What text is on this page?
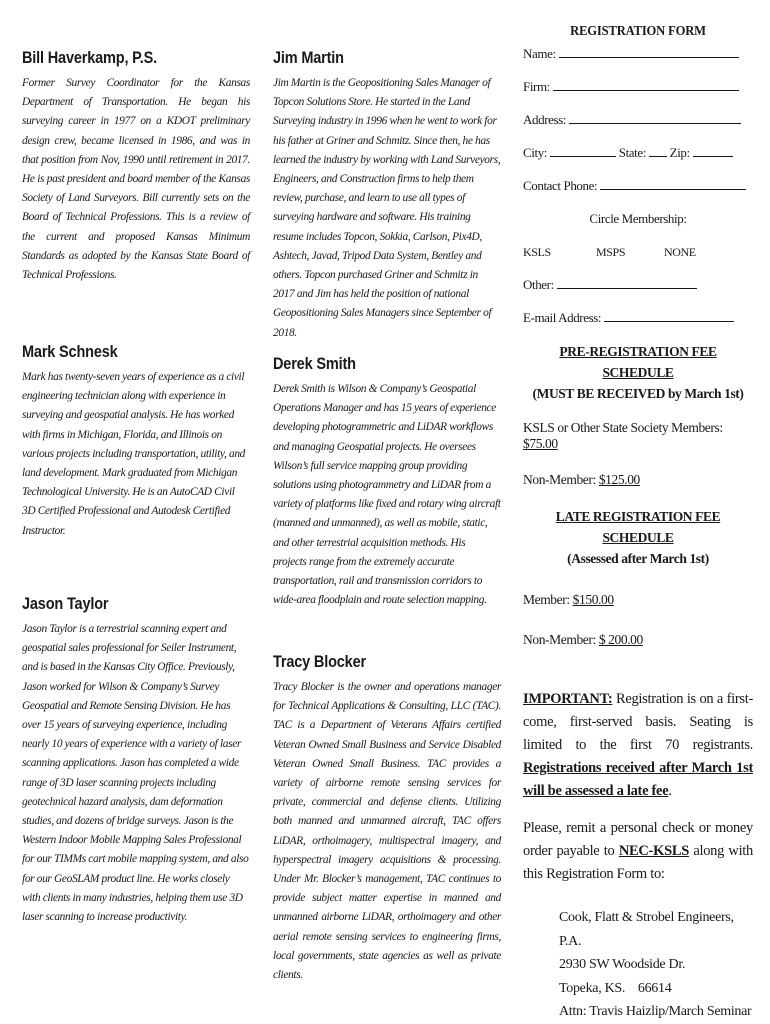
Bill Haverkamp, P.S.
Former Survey Coordinator for the Kansas Department of Transportation. He began his surveying career in 1977 on a KDOT preliminary design crew, became licensed in 1986, and was in that position from Nov, 1990 until retirement in 2017. He is past president and board member of the Kansas Society of Land Surveyors. Bill currently sets on the Board of Technical Professions. This is a review of the current and proposed Kansas Minimum Standards as adopted by the Kansas State Board of Technical Professions.
Mark Schnesk
Mark has twenty-seven years of experience as a civil engineering technician along with experience in surveying and geospatial analysis. He has worked with firms in Michigan, Florida, and Illinois on various projects including transportation, utility, and land development. Mark graduated from Michigan Technological University. He is an AutoCAD Civil 3D Certified Professional and Autodesk Certified Instructor.
Jason Taylor
Jason Taylor is a terrestrial scanning expert and geospatial sales professional for Seiler Instrument, and is based in the Kansas City Office. Previously, Jason worked for Wilson & Company’s Survey Geospatial and Remote Sensing Division. He has over 15 years of surveying experience, including nearly 10 years of experience with a variety of laser scanning applications. Jason has completed a wide range of 3D laser scanning projects including geotechnical hazard analysis, dam deformation studies, and dozens of bridge surveys. Jason is the Western Indoor Mobile Mapping Sales Professional for our TIMMs cart mobile mapping system, and also for our GeoSLAM product line. He works closely with clients in many industries, helping them use 3D laser scanning to increase productivity.
Jim Martin
Jim Martin is the Geopositioning Sales Manager of Topcon Solutions Store. He started in the Land Surveying industry in 1996 when he went to work for his father at Griner and Schmitz. Since then, he has learned the industry by working with Land Surveyors, Engineers, and Construction firms to help them review, purchase, and learn to use all types of surveying hardware and software. His training resume includes Topcon, Sokkia, Carlson, Pix4D, Ashtech, Javad, Tripod Data System, Bentley and others. Topcon purchased Griner and Schmitz in 2017 and Jim has held the position of national Geopositioning Sales Managers since September of 2018.
Derek Smith
Derek Smith is Wilson & Company’s Geospatial Operations Manager and has 15 years of experience developing photogrammetric and LiDAR workflows and managing Geospatial projects. He oversees Wilson’s full service mapping group providing solutions using photogrammetry and LiDAR from a variety of platforms like fixed and rotary wing aircraft (manned and unmanned), as well as mobile, static, and other terrestrial acquisition methods. His projects range from the extremely accurate transportation, rail and transmission corridors to wide-area floodplain and route selection mapping.
Tracy Blocker
Tracy Blocker is the owner and operations manager for Technical Applications & Consulting, LLC (TAC). TAC is a Department of Veterans Affairs certified Veteran Owned Small Business and Service Disabled Veteran Owned Small Business. TAC provides a variety of airborne remote sensing services for private, commercial and defense clients. Utilizing both manned and unmanned aircraft, TAC offers LiDAR, orthoimagery, multispectral imagery, and hyperspectral imagery acquisitions & processing. Under Mr. Blocker’s management, TAC continues to provide subject matter expertise in manned and unmanned airborne LiDAR, orthoimagery and other aerial remote sensing services to engineering firms, local governments, state agencies as well as private clients.
REGISTRATION FORM
Name:
Firm:
Address:
City:	State: Zip:
Contact Phone:
Circle Membership:
KSLS	MSPS	NONE
Other:
E-mail Address:
PRE-REGISTRATION FEE SCHEDULE
(MUST BE RECEIVED by March 1st)
KSLS or Other State Society Members: $75.00
Non-Member: $125.00
LATE REGISTRATION FEE SCHEDULE
(Assessed after March 1st)
Member: $150.00
Non-Member: $ 200.00
IMPORTANT: Registration is on a first-come, first-served basis. Seating is limited to the first 70 registrants. Registrations received after March 1st will be assessed a late fee.
Please, remit a personal check or money order payable to NEC-KSLS along with this Registration Form to:
Cook, Flatt & Strobel Engineers, P.A.
2930 SW Woodside Dr.
Topeka, KS.    66614
Attn: Travis Haizlip/March Seminar
